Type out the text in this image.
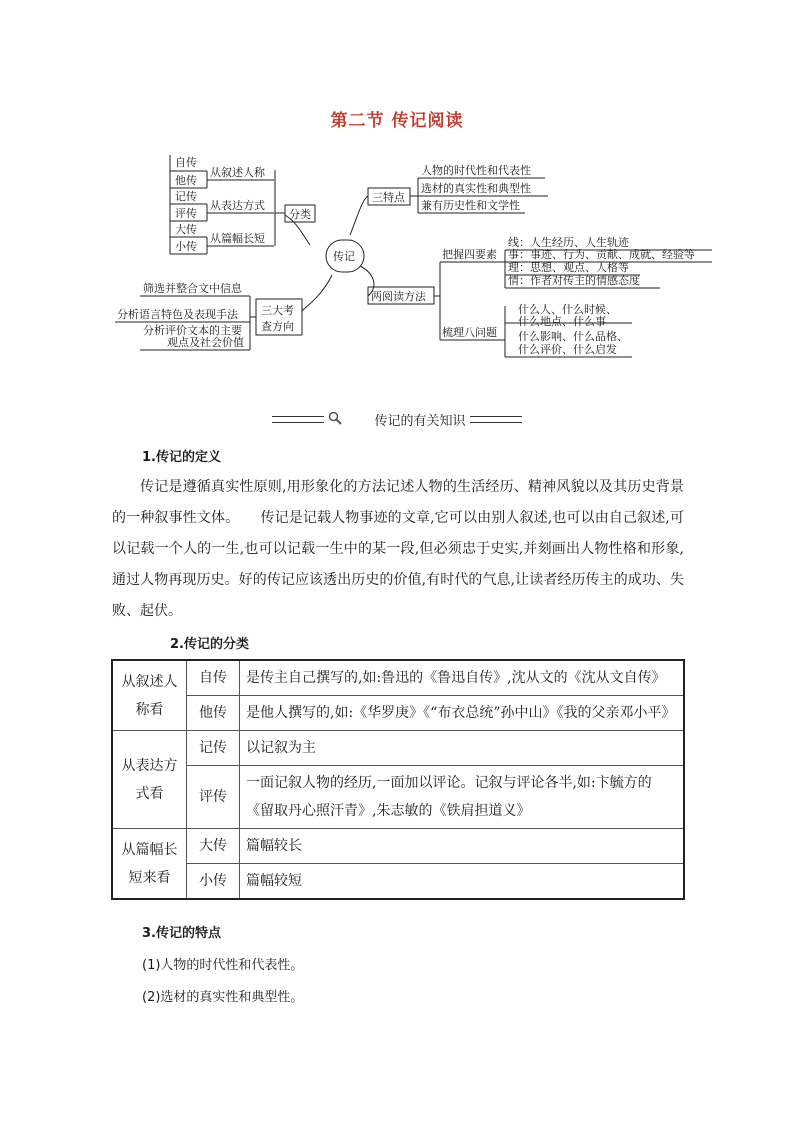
第二节 传记阅读
传记
分类
从叙述人称
从表达方式
从篇幅长短
自传
他传
记传
评传
大传
小传
三特点
人物的时代性和代表性
选材的真实性和典型性
兼有历史性和文学性
两阅读方法
把握四要素
线：人生经历、人生轨迹
事：事迹、行为、贡献、成就、经验等
理：思想、观点、人格等
情：作者对传主的情感态度
梳理八问题
什么人、什么时候、
什么地点、什么事
什么影响、什么品格、
什么评价、什么启发
三大考
查方向
筛选并整合文中信息
分析语言特色及表现手法
分析评价文本的主要
观点及社会价值
传记的有关知识
1.传记的定义
传记是遵循真实性原则,用形象化的方法记述人物的生活经历、精神风貌以及其历史背景的一种叙事性文体。　　传记是记载人物事迹的文章,它可以由别人叙述,也可以由自己叙述,可以记载一个人的一生,也可以记载一生中的某一段,但必须忠于史实,并刻画出人物性格和形象,通过人物再现历史。好的传记应该透出历史的价值,有时代的气息,让读者经历传主的成功、失败、起伏。
2.传记的分类
从叙述人称看	自传	是传主自己撰写的,如:鲁迅的《鲁迅自传》,沈从文的《沈从文自传》
	他传	是他人撰写的,如:《华罗庚》《“布衣总统”孙中山》《我的父亲邓小平》
从表达方式看	记传	以记叙为主
	评传	一面记叙人物的经历,一面加以评论。记叙与评论各半,如:卞毓方的《留取丹心照汗青》,朱志敏的《铁肩担道义》
从篇幅长短来看	大传	篇幅较长
	小传	篇幅较短
3.传记的特点
(1)人物的时代性和代表性。
(2)选材的真实性和典型性。
